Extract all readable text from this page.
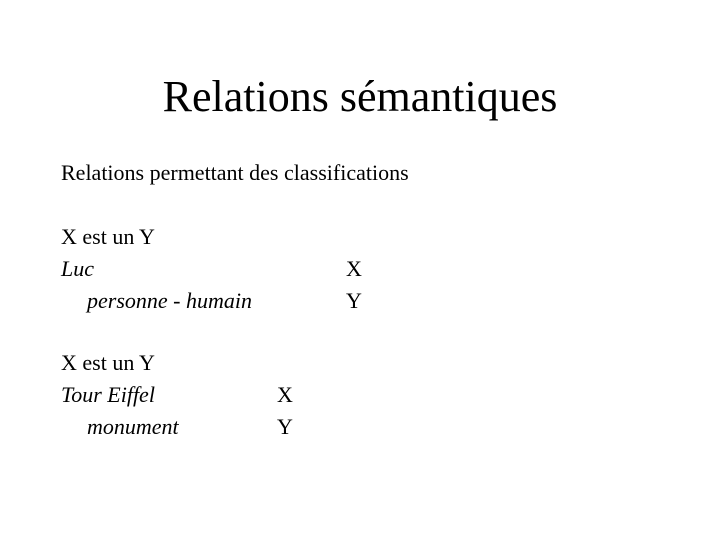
Relations sémantiques
Relations permettant des classifications
X est un Y
Luc
personne - humain
X
Y
X est un Y
Tour Eiffel
monument
X
Y
